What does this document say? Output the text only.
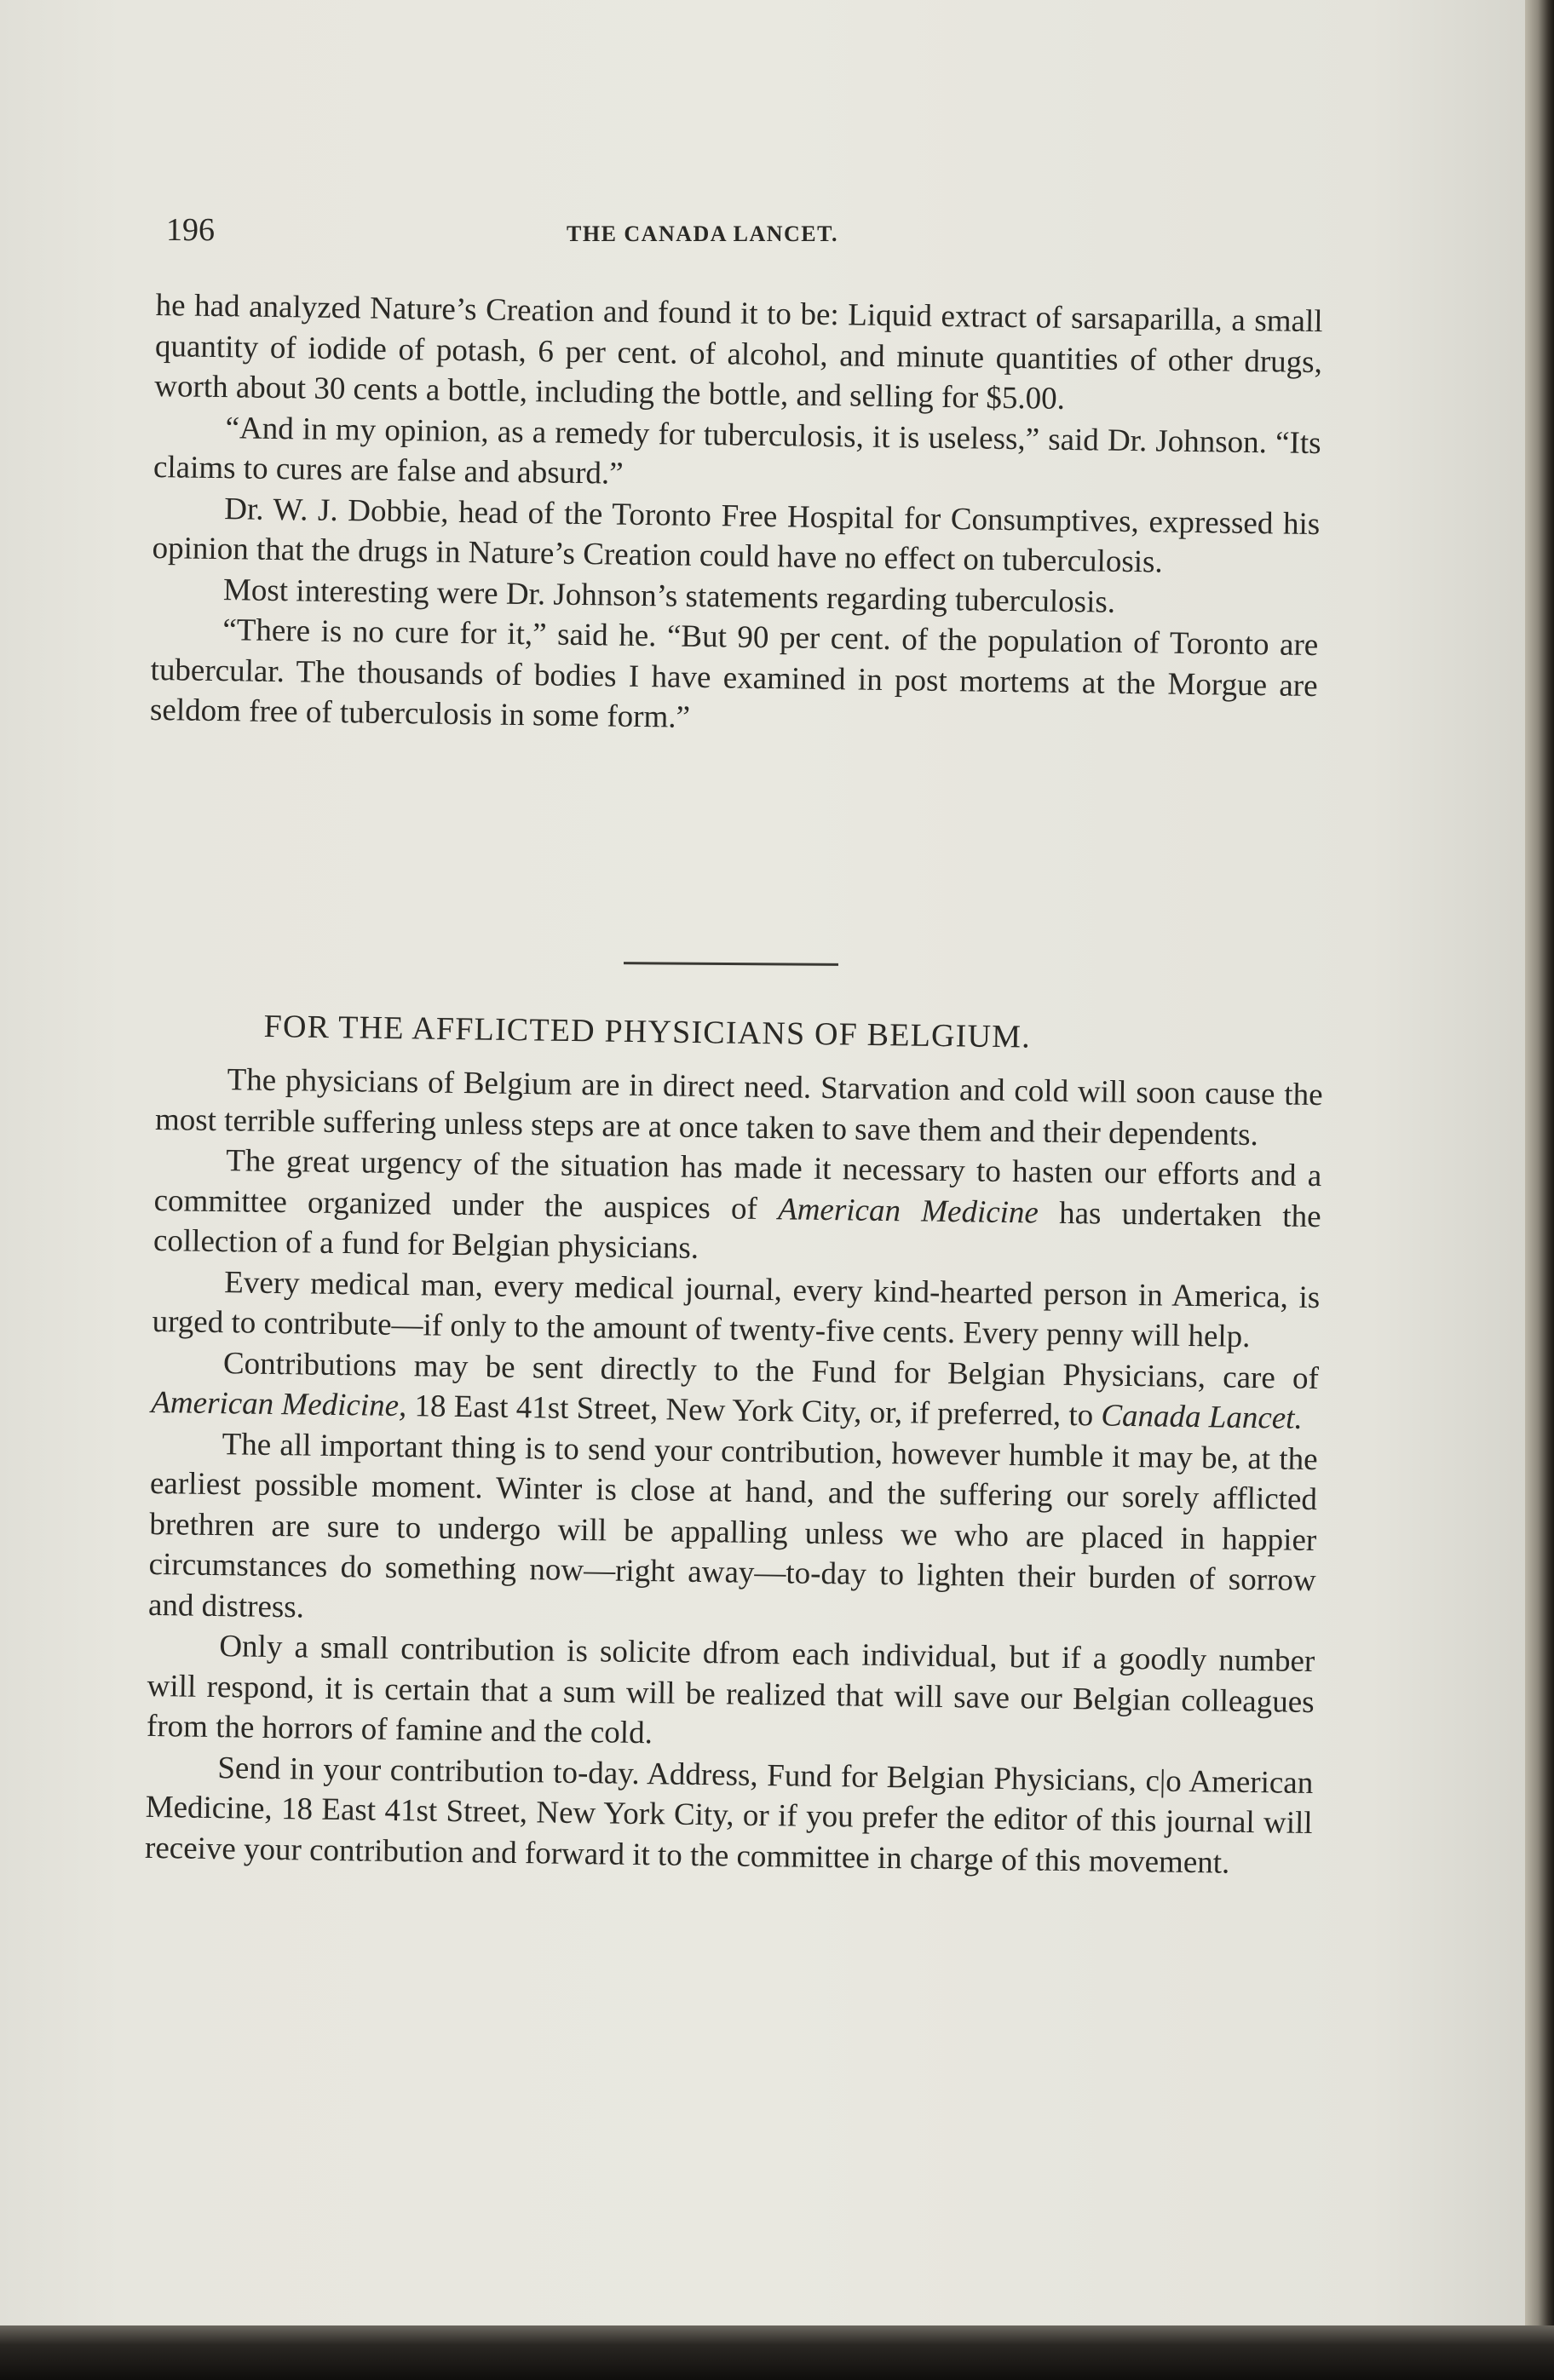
196	THE CANADA LANCET.

he had analyzed Nature’s Creation and found it to be: Liquid extract of sarsaparilla, a small quantity of iodide of potash, 6 per cent. of alcohol, and minute quantities of other drugs, worth about 30 cents a bottle, including the bottle, and selling for $5.00.

“And in my opinion, as a remedy for tuberculosis, it is useless,” said Dr. Johnson. “Its claims to cures are false and absurd.”

Dr. W. J. Dobbie, head of the Toronto Free Hospital for Consumptives, expressed his opinion that the drugs in Nature’s Creation could have no effect on tuberculosis.

Most interesting were Dr. Johnson’s statements regarding tuberculosis.

“There is no cure for it,” said he. “But 90 per cent. of the population of Toronto are tubercular. The thousands of bodies I have examined in post mortems at the Morgue are seldom free of tuberculosis in some form.”

FOR THE AFFLICTED PHYSICIANS OF BELGIUM.

The physicians of Belgium are in direct need. Starvation and cold will soon cause the most terrible suffering unless steps are at once taken to save them and their dependents.

The great urgency of the situation has made it necessary to hasten our efforts and a committee organized under the auspices of American Medicine has undertaken the collection of a fund for Belgian physicians.

Every medical man, every medical journal, every kind-hearted person in America, is urged to contribute—if only to the amount of twenty-five cents. Every penny will help.

Contributions may be sent directly to the Fund for Belgian Physicians, care of American Medicine, 18 East 41st Street, New York City, or, if preferred, to Canada Lancet.

The all important thing is to send your contribution, however humble it may be, at the earliest possible moment. Winter is close at hand, and the suffering our sorely afflicted brethren are sure to undergo will be appalling unless we who are placed in happier circumstances do something now—right away—to-day to lighten their burden of sorrow and distress.

Only a small contribution is solicite dfrom each individual, but if a goodly number will respond, it is certain that a sum will be realized that will save our Belgian colleagues from the horrors of famine and the cold.

Send in your contribution to-day. Address, Fund for Belgian Physicians, c|o American Medicine, 18 East 41st Street, New York City, or if you prefer the editor of this journal will receive your contribution and forward it to the committee in charge of this movement.
